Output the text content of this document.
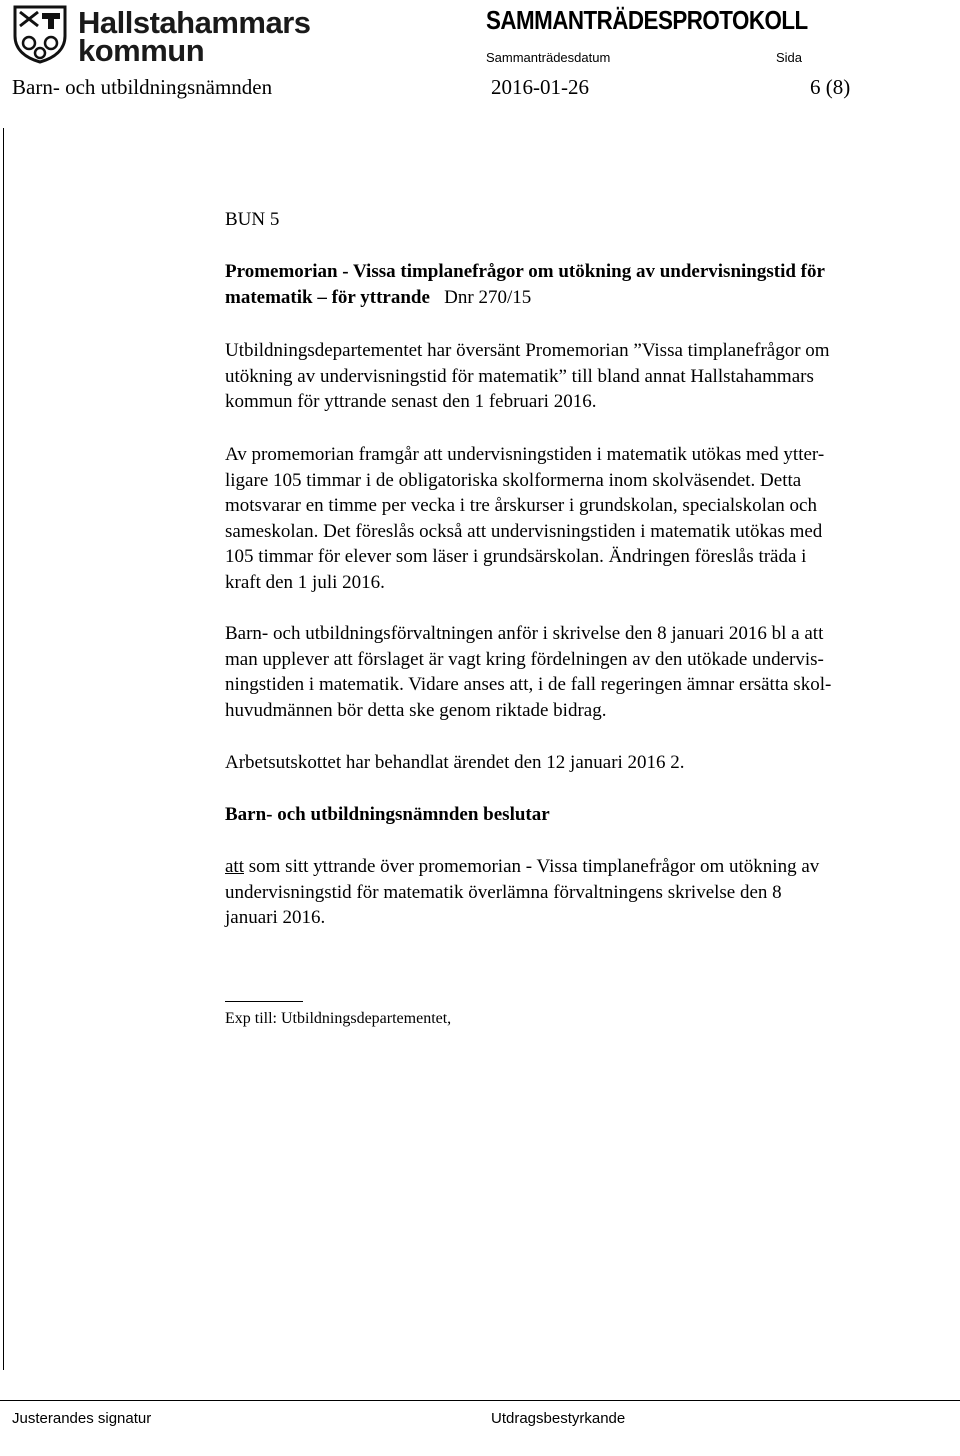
Hallstahammars
kommun
SAMMANTRÄDESPROTOKOLL
Sammanträdesdatum	Sida
Barn- och utbildningsnämnden	2016-01-26	6 (8)
BUN 5

Promemorian - Vissa timplanefrågor om utökning av undervisningstid för

matematik – för yttrande Dnr 270/15

Utbildningsdepartementet har översänt Promemorian ”Vissa timplanefrågor om

utökning av undervisningstid för matematik” till bland annat Hallstahammars

kommun för yttrande senast den 1 februari 2016.

Av promemorian framgår att undervisningstiden i matematik utökas med ytter-

ligare 105 timmar i de obligatoriska skolformerna inom skolväsendet. Detta

motsvarar en timme per vecka i tre årskurser i grundskolan, specialskolan och

sameskolan. Det föreslås också att undervisningstiden i matematik utökas med

105 timmar för elever som läser i grundsärskolan. Ändringen föreslås träda i

kraft den 1 juli 2016.

Barn- och utbildningsförvaltningen anför i skrivelse den 8 januari 2016 bl a att

man upplever att förslaget är vagt kring fördelningen av den utökade undervis-

ningstiden i matematik. Vidare anses att, i de fall regeringen ämnar ersätta skol-

huvudmännen bör detta ske genom riktade bidrag.

Arbetsutskottet har behandlat ärendet den 12 januari 2016 2.

Barn- och utbildningsnämnden beslutar

att som sitt yttrande över promemorian - Vissa timplanefrågor om utökning av

undervisningstid för matematik överlämna förvaltningens skrivelse den 8

januari 2016.

Exp till: Utbildningsdepartementet,
Justerandes signatur	Utdragsbestyrkande
